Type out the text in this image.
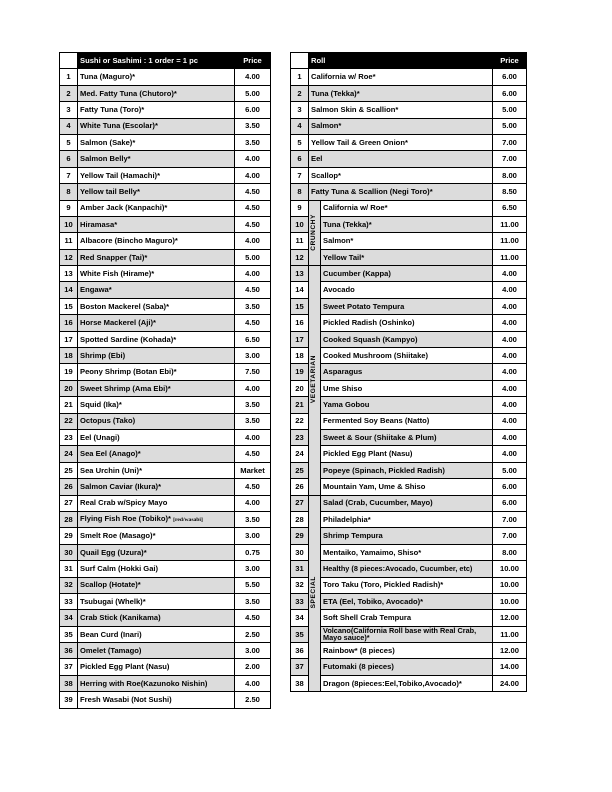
	Sushi or Sashimi : 1 order = 1 pc	Price
1	Tuna (Maguro)*	4.00
2	Med. Fatty Tuna (Chutoro)*	5.00
3	Fatty Tuna (Toro)*	6.00
4	White Tuna (Escolar)*	3.50
5	Salmon (Sake)*	3.50
6	Salmon Belly*	4.00
7	Yellow Tail (Hamachi)*	4.00
8	Yellow tail Belly*	4.50
9	Amber Jack (Kanpachi)*	4.50
10	Hiramasa*	4.50
11	Albacore (Bincho Maguro)*	4.00
12	Red Snapper (Tai)*	5.00
13	White Fish (Hirame)*	4.00
14	Engawa*	4.50
15	Boston Mackerel (Saba)*	3.50
16	Horse Mackerel (Aji)*	4.50
17	Spotted Sardine (Kohada)*	6.50
18	Shrimp (Ebi)	3.00
19	Peony Shrimp (Botan Ebi)*	7.50
20	Sweet Shrimp (Ama Ebi)*	4.00
21	Squid (Ika)*	3.50
22	Octopus (Tako)	3.50
23	Eel (Unagi)	4.00
24	Sea Eel (Anago)*	4.50
25	Sea Urchin (Uni)*	Market
26	Salmon Caviar (Ikura)*	4.50
27	Real Crab w/Spicy Mayo	4.00
28	Flying Fish Roe (Tobiko)* [red/wasabi]	3.50
29	Smelt Roe (Masago)*	3.00
30	Quail Egg (Uzura)*	0.75
31	Surf Calm (Hokki Gai)	3.00
32	Scallop (Hotate)*	5.50
33	Tsubugai (Whelk)*	3.50
34	Crab Stick (Kanikama)	4.50
35	Bean Curd (Inari)	2.50
36	Omelet (Tamago)	3.00
37	Pickled Egg Plant (Nasu)	2.00
38	Herring with Roe(Kazunoko Nishin)	4.00
39	Fresh Wasabi (Not Sushi)	2.50
	Roll		Price
1	California w/ Roe*		6.00
2	Tuna (Tekka)*		6.00
3	Salmon Skin & Scallion*		5.00
4	Salmon*		5.00
5	Yellow Tail & Green Onion*		7.00
6	Eel		7.00
7	Scallop*		8.00
8	Fatty Tuna & Scallion (Negi Toro)*		8.50
9	CRUNCHY	California w/ Roe*	6.50
10		Tuna (Tekka)*	11.00
11		Salmon*	11.00
12		Yellow Tail*	11.00
13	VEGETARIAN	Cucumber (Kappa)	4.00
14		Avocado	4.00
15		Sweet Potato Tempura	4.00
16		Pickled Radish (Oshinko)	4.00
17		Cooked Squash (Kampyo)	4.00
18		Cooked Mushroom (Shiitake)	4.00
19		Asparagus	4.00
20		Ume Shiso	4.00
21		Yama Gobou	4.00
22		Fermented Soy Beans (Natto)	4.00
23		Sweet & Sour (Shiitake & Plum)	4.00
24		Pickled Egg Plant (Nasu)	4.00
25		Popeye (Spinach, Pickled Radish)	5.00
26		Mountain Yam, Ume & Shiso	6.00
27	SPECIAL	Salad (Crab, Cucumber, Mayo)	6.00
28		Philadelphia*	7.00
29		Shrimp Tempura	7.00
30		Mentaiko, Yamaimo, Shiso*	8.00
31		Healthy (8 pieces:Avocado, Cucumber, etc)	10.00
32		Toro Taku (Toro, Pickled Radish)*	10.00
33		ETA (Eel, Tobiko, Avocado)*	10.00
34		Soft Shell Crab Tempura	12.00
35		Volcano(California Roll base with Real Crab, Mayo sauce)*	11.00
36		Rainbow* (8 pieces)	12.00
37		Futomaki (8 pieces)	14.00
38		Dragon (8pieces:Eel,Tobiko,Avocado)*	24.00
